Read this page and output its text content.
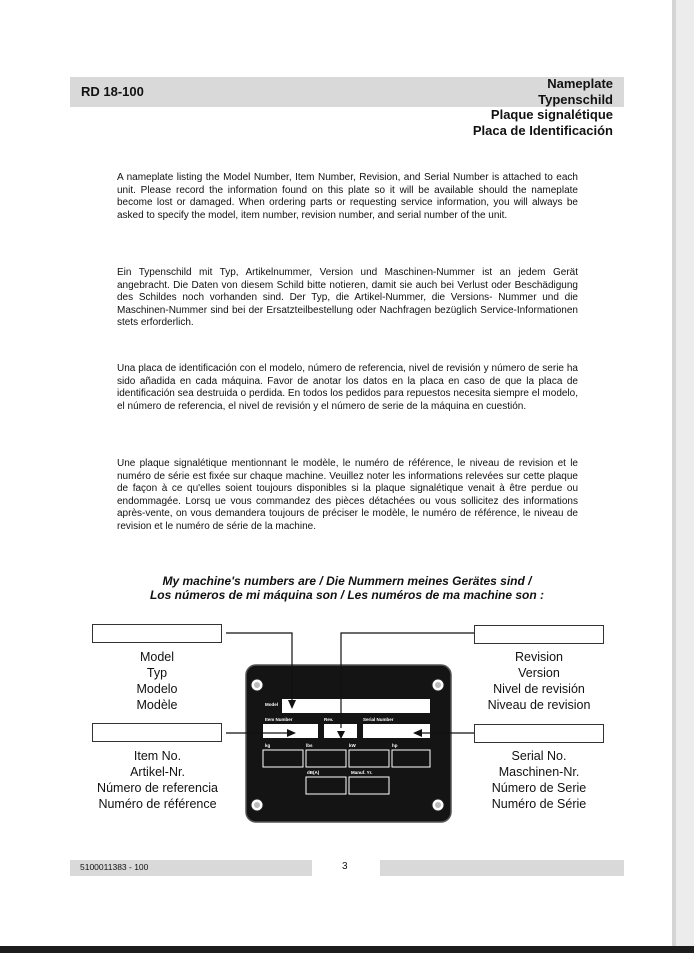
RD 18-100
Nameplate
Typenschild
Plaque signalétique
Placa de Identificación

A nameplate listing the Model Number, Item Number, Revision, and Serial Number is attached to each unit. Please record the information found on this plate so it will be available should the nameplate become lost or damaged. When ordering parts or requesting service information, you will always be asked to specify the model, item number, revision number, and serial number of the unit.

Ein Typenschild mit Typ, Artikelnummer, Version und Maschinen-Nummer ist an jedem Gerät angebracht. Die Daten von diesem Schild bitte notieren, damit sie auch bei Verlust oder Beschädigung des Schildes noch vorhanden sind. Der Typ, die Artikel-Nummer, die Versions- Nummer und die Maschinen-Nummer sind bei der Ersatzteilbestellung oder Nachfragen bezüglich Service-Informationen stets erforderlich.

Una placa de identificación con el modelo, número de referencia, nivel de revisión y número de serie ha sido añadida en cada máquina. Favor de anotar los datos en la placa en caso de que la placa de identificación sea destruida o perdida. En todos los pedidos para repuestos necesita siempre el modelo, el número de referencia, el nivel de revisión y el número de serie de la máquina en cuestión.

Une plaque signalétique mentionnant le modèle, le numéro de référence, le niveau de revision et le numéro de série est fixée sur chaque machine. Veuillez noter les informations relevées sur cette plaque de façon à ce qu'elles soient toujours disponibles si la plaque signalétique venait à être perdue ou endommagée. Lorsq ue vous commandez des pièces détachées ou vous sollicitez des informations après-vente, on vous demandera toujours de préciser le modèle, le numéro de référence, le niveau de revision et le numéro de série de la machine.

My machine's numbers are / Die Nummern meines Gerätes sind /
Los números de mi máquina son / Les numéros de ma machine son :
Model
Typ
Modelo
Modèle
Revision
Version
Nivel de revisión
Niveau de revision
Item No.
Artikel-Nr.
Número de referencia
Numéro de référence
Serial No.
Maschinen-Nr.
Número de Serie
Numéro de Série
Model
Item Number	Rev.	Serial Number
kg	lbs	kW	hp
dB(A)	Manuf. Yr.
5100011383 - 100	3
